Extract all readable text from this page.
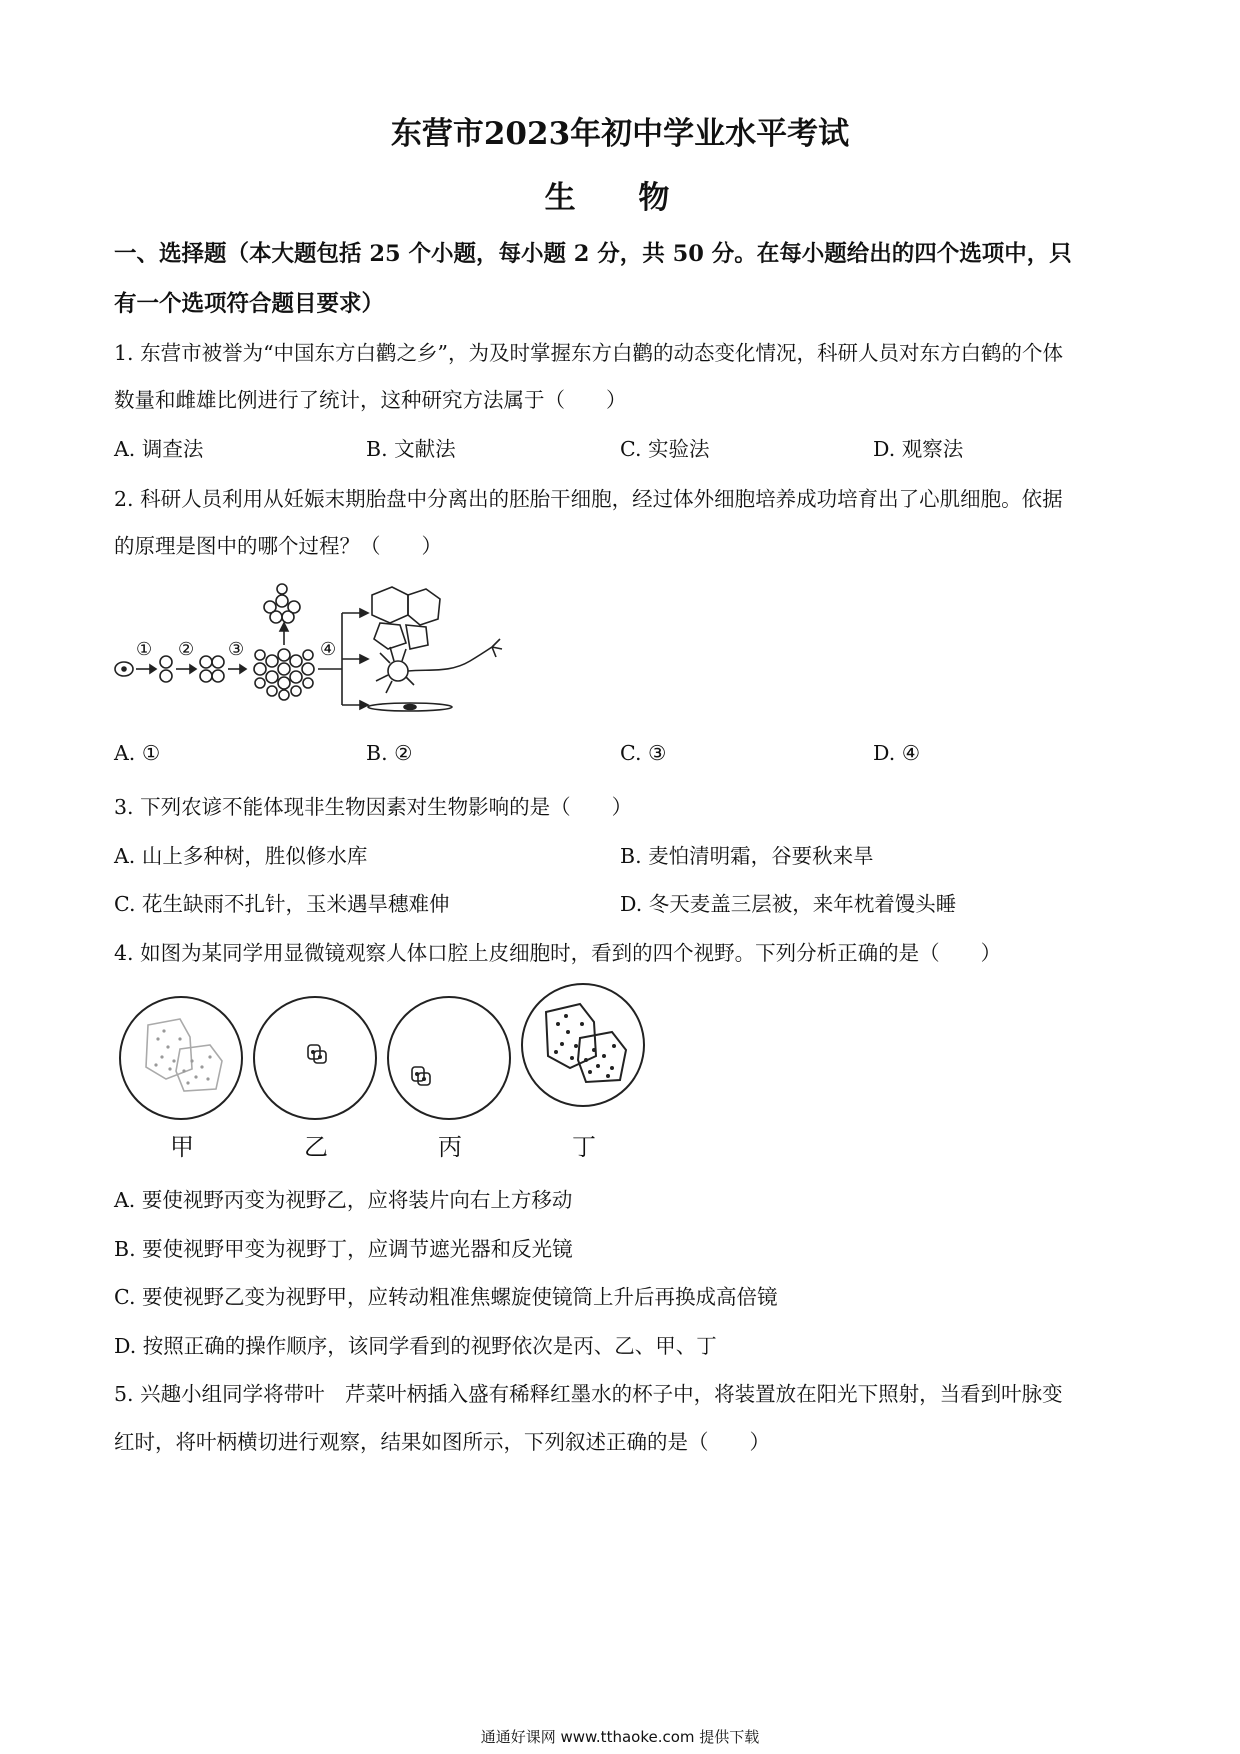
东营市2023年初中学业水平考试
生 物
一、选择题（本大题包括 25 个小题，每小题 2 分，共 50 分。在每小题给出的四个选项中，只
有一个选项符合题目要求）
1. 东营市被誉为“中国东方白鹳之乡”，为及时掌握东方白鹳的动态变化情况，科研人员对东方白鹤的个体
数量和雌雄比例进行了统计，这种研究方法属于（　　）
A. 调查法	B. 文献法	C. 实验法	D. 观察法
2. 科研人员利用从妊娠末期胎盘中分离出的胚胎干细胞，经过体外细胞培养成功培育出了心肌细胞。依据
的原理是图中的哪个过程？（　　）
① ② ③	④
A. ①	B. ②	C. ③	D. ④
3. 下列农谚不能体现非生物因素对生物影响的是（　　）
A. 山上多种树，胜似修水库	B. 麦怕清明霜，谷要秋来旱
C. 花生缺雨不扎针，玉米遇旱穗难伸	D. 冬天麦盖三层被，来年枕着馒头睡
4. 如图为某同学用显微镜观察人体口腔上皮细胞时，看到的四个视野。下列分析正确的是（　　）
甲	乙	丙	丁
A. 要使视野丙变为视野乙，应将装片向右上方移动
B. 要使视野甲变为视野丁，应调节遮光器和反光镜
C. 要使视野乙变为视野甲，应转动粗准焦螺旋使镜筒上升后再换成高倍镜
D. 按照正确的操作顺序，该同学看到的视野依次是丙、乙、甲、丁
5. 兴趣小组同学将带叶　芹菜叶柄插入盛有稀释红墨水的杯子中，将装置放在阳光下照射，当看到叶脉变
红时，将叶柄横切进行观察，结果如图所示，下列叙述正确的是（　　）
通通好课网 www.tthaoke.com 提供下载
